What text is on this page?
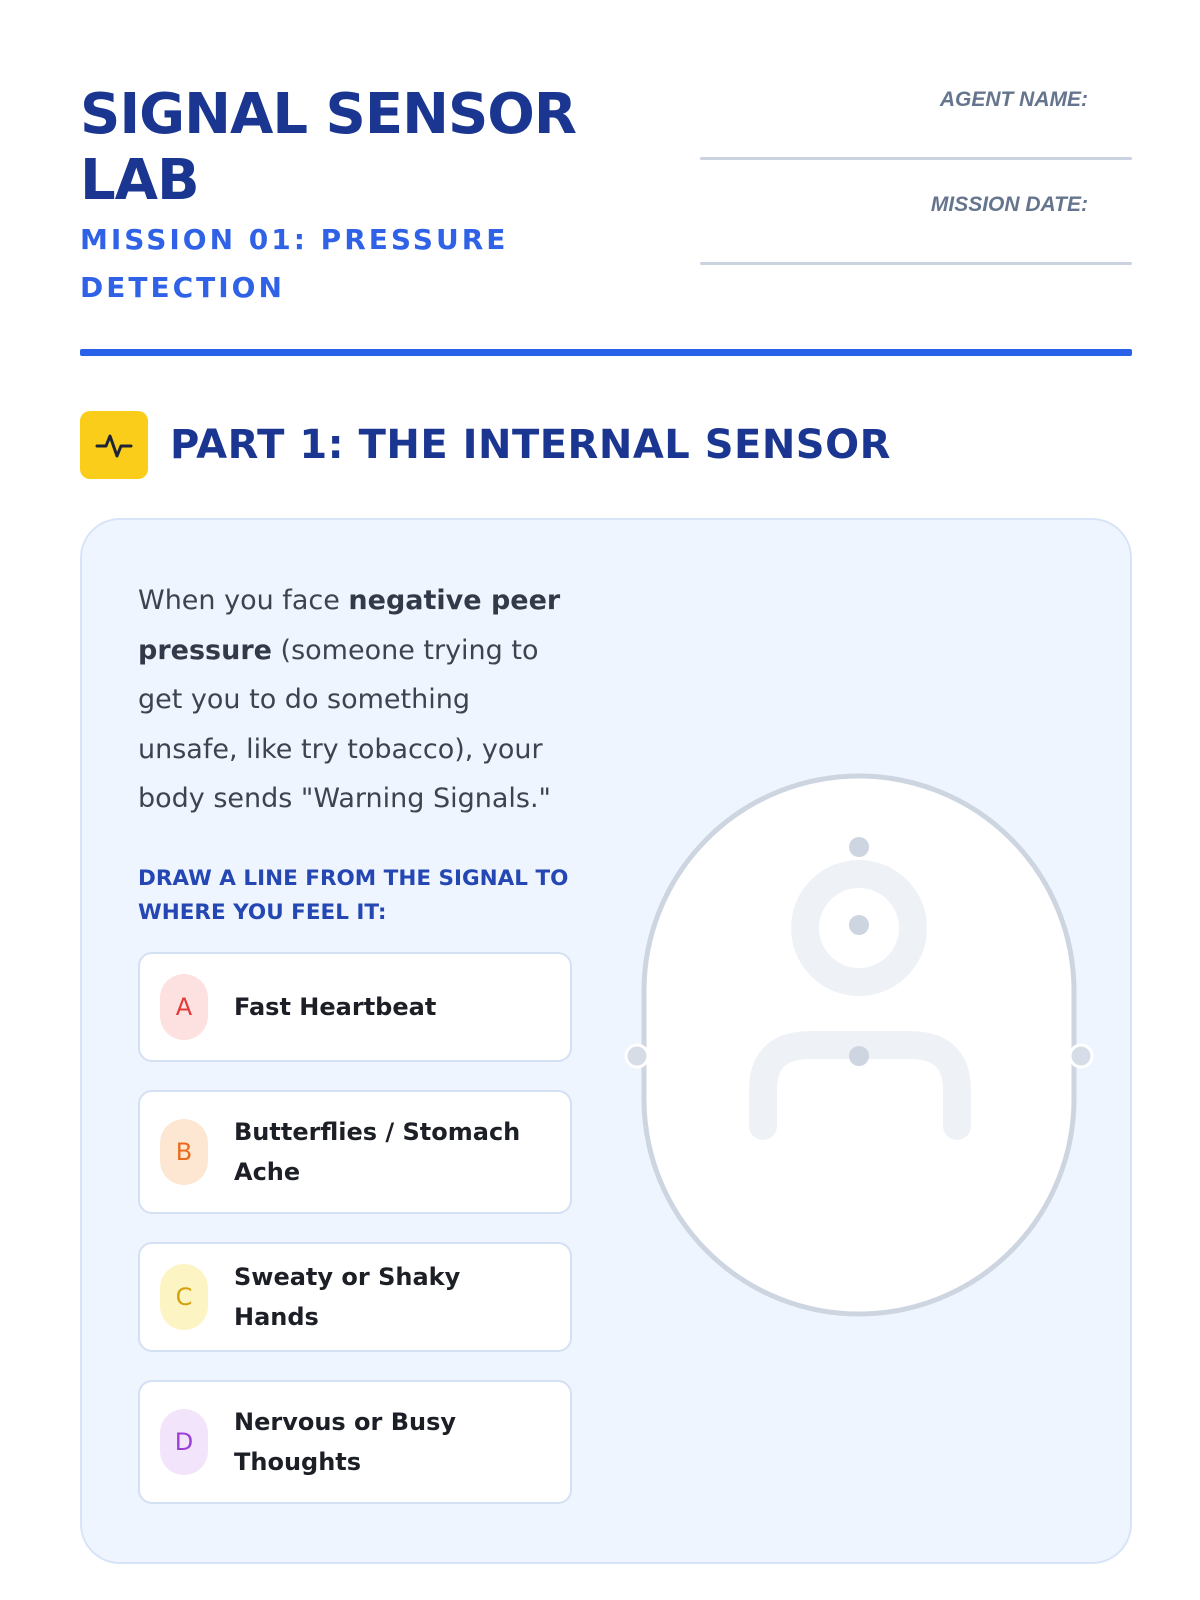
SIGNAL SENSOR LAB
MISSION 01: PRESSURE DETECTION
AGENT NAME:
MISSION DATE:
PART 1: THE INTERNAL SENSOR

When you face negative peer pressure (someone trying to get you to do something unsafe, like try tobacco), your body sends "Warning Signals."

DRAW A LINE FROM THE SIGNAL TO WHERE YOU FEEL IT:
A	Fast Heartbeat
B
Butterflies / Stomach Ache
C
Sweaty or Shaky Hands
D
Nervous or Busy Thoughts
